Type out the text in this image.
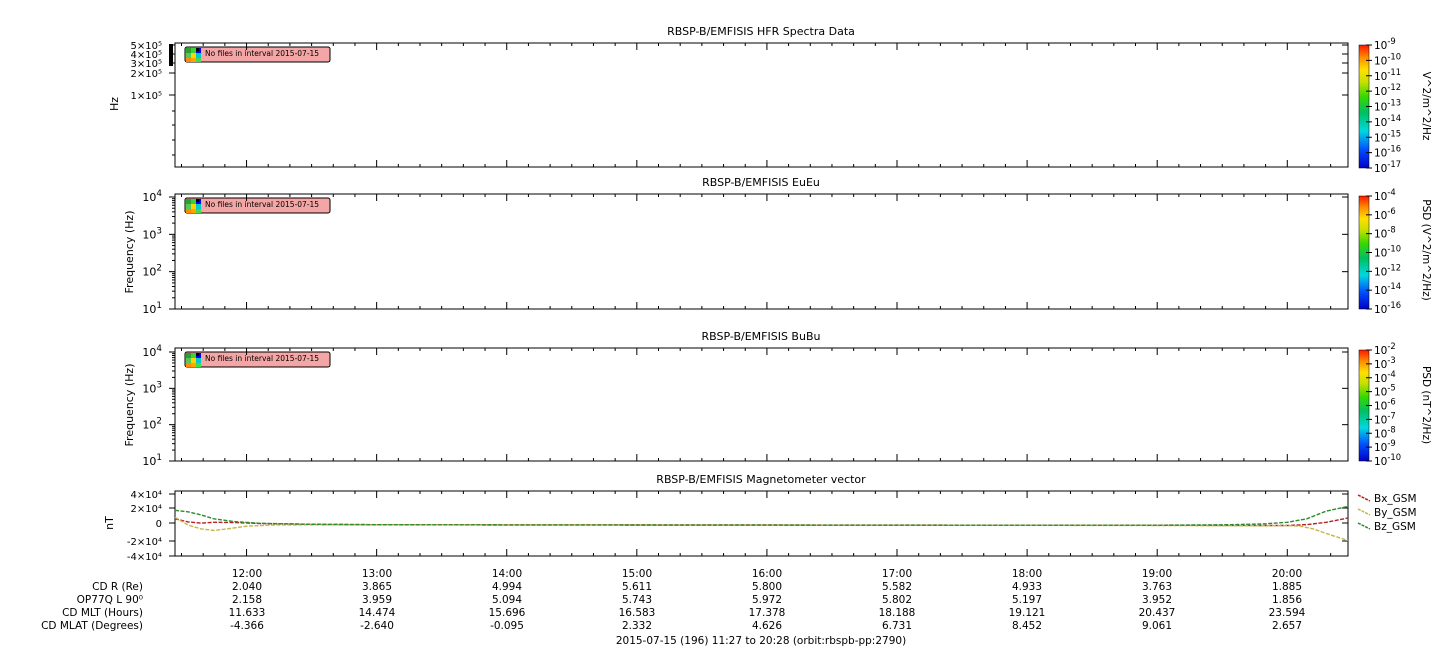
RBSP-B/EMFISIS HFR Spectra Data
5×10⁵
4×10⁵
3×10⁵
2×10⁵
1×10⁵
Hz
No files in interval 2015-07-15
$10^{-9}$
$10^{-10}$
$10^{-11}$
$10^{-12}$
$10^{-13}$
$10^{-14}$
$10^{-15}$
$10^{-16}$
$10^{-17}$
V^2/m^2/Hz
RBSP-B/EMFISIS EuEu
$10^4$
$10^3$
$10^2$
$10^1$
Frequency (Hz)
No files in interval 2015-07-15
$10^{-4}$
$10^{-6}$
$10^{-8}$
$10^{-10}$
$10^{-12}$
$10^{-14}$
$10^{-16}$
PSD (V^2/m^2/Hz)
RBSP-B/EMFISIS BuBu
$10^4$
$10^3$
$10^2$
$10^1$
Frequency (Hz)
No files in interval 2015-07-15
$10^{-2}$
$10^{-3}$
$10^{-4}$
$10^{-5}$
$10^{-6}$
$10^{-7}$
$10^{-8}$
$10^{-9}$
$10^{-10}$
PSD (nT^2/Hz)
RBSP-B/EMFISIS Magnetometer vector
4×10⁴
2×10⁴
0
-2×10⁴
-4×10⁴
nT
Bx_GSM
By_GSM
Bz_GSM
12:00	13:00	14:00	15:00	16:00	17:00	18:00	19:00	20:00
CD R (Re)	2.040	3.865	4.994	5.611	5.800	5.582	4.933	3.763	1.885
OP77Q L 90⁰	2.158	3.959	5.094	5.743	5.972	5.802	5.197	3.952	1.856
CD MLT (Hours)	11.633	14.474	15.696	16.583	17.378	18.188	19.121	20.437	23.594
CD MLAT (Degrees)	-4.366	-2.640	-0.095	2.332	4.626	6.731	8.452	9.061	2.657
2015-07-15 (196) 11:27 to 20:28 (orbit:rbspb-pp:2790)
